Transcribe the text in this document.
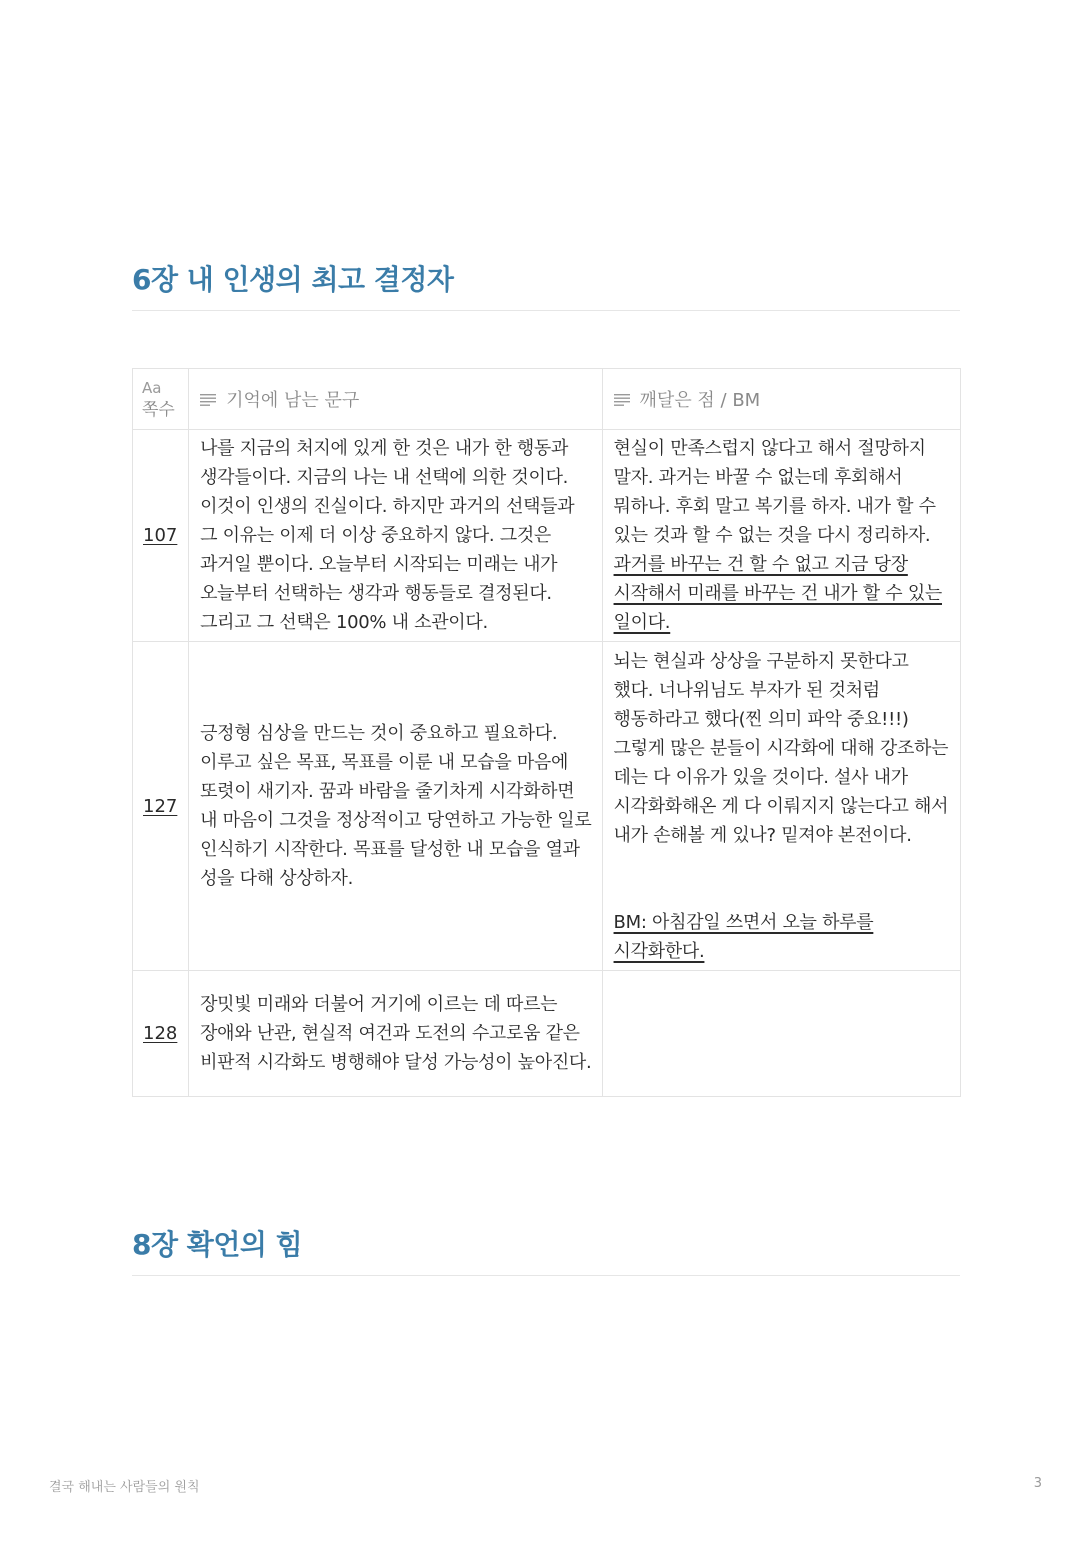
6장 내 인생의 최고 결정자
Aa
쪽수	기억에 남는 문구	깨달은 점 / BM
107	나를 지금의 처지에 있게 한 것은 내가 한 행동과 생각들이다. 지금의 나는 내 선택에 의한 것이다. 이것이 인생의 진실이다. 하지만 과거의 선택들과 그 이유는 이제 더 이상 중요하지 않다. 그것은 과거일 뿐이다. 오늘부터 시작되는 미래는 내가 오늘부터 선택하는 생각과 행동들로 결정된다. 그리고 그 선택은 100% 내 소관이다.	현실이 만족스럽지 않다고 해서 절망하지 말자. 과거는 바꿀 수 없는데 후회해서 뭐하나. 후회 말고 복기를 하자. 내가 할 수 있는 것과 할 수 없는 것을 다시 정리하자. 과거를 바꾸는 건 할 수 없고 지금 당장 시작해서 미래를 바꾸는 건 내가 할 수 있는 일이다.
127	긍정형 심상을 만드는 것이 중요하고 필요하다. 이루고 싶은 목표, 목표를 이룬 내 모습을 마음에 또렷이 새기자. 꿈과 바람을 줄기차게 시각화하면 내 마음이 그것을 정상적이고 당연하고 가능한 일로 인식하기 시작한다. 목표를 달성한 내 모습을 열과 성을 다해 상상하자.	뇌는 현실과 상상을 구분하지 못한다고 했다. 너나위님도 부자가 된 것처럼 행동하라고 했다(찐 의미 파악 중요!!!) 그렇게 많은 분들이 시각화에 대해 강조하는 데는 다 이유가 있을 것이다. 설사 내가 시각화화해온 게 다 이뤄지지 않는다고 해서 내가 손해볼 게 있나? 밑져야 본전이다.
BM: 아침감일 쓰면서 오늘 하루를 시각화한다.
128	장밋빛 미래와 더불어 거기에 이르는 데 따르는 장애와 난관, 현실적 여건과 도전의 수고로움 같은 비판적 시각화도 병행해야 달성 가능성이 높아진다.	
8장 확언의 힘
결국 해내는 사람들의 원칙	3
